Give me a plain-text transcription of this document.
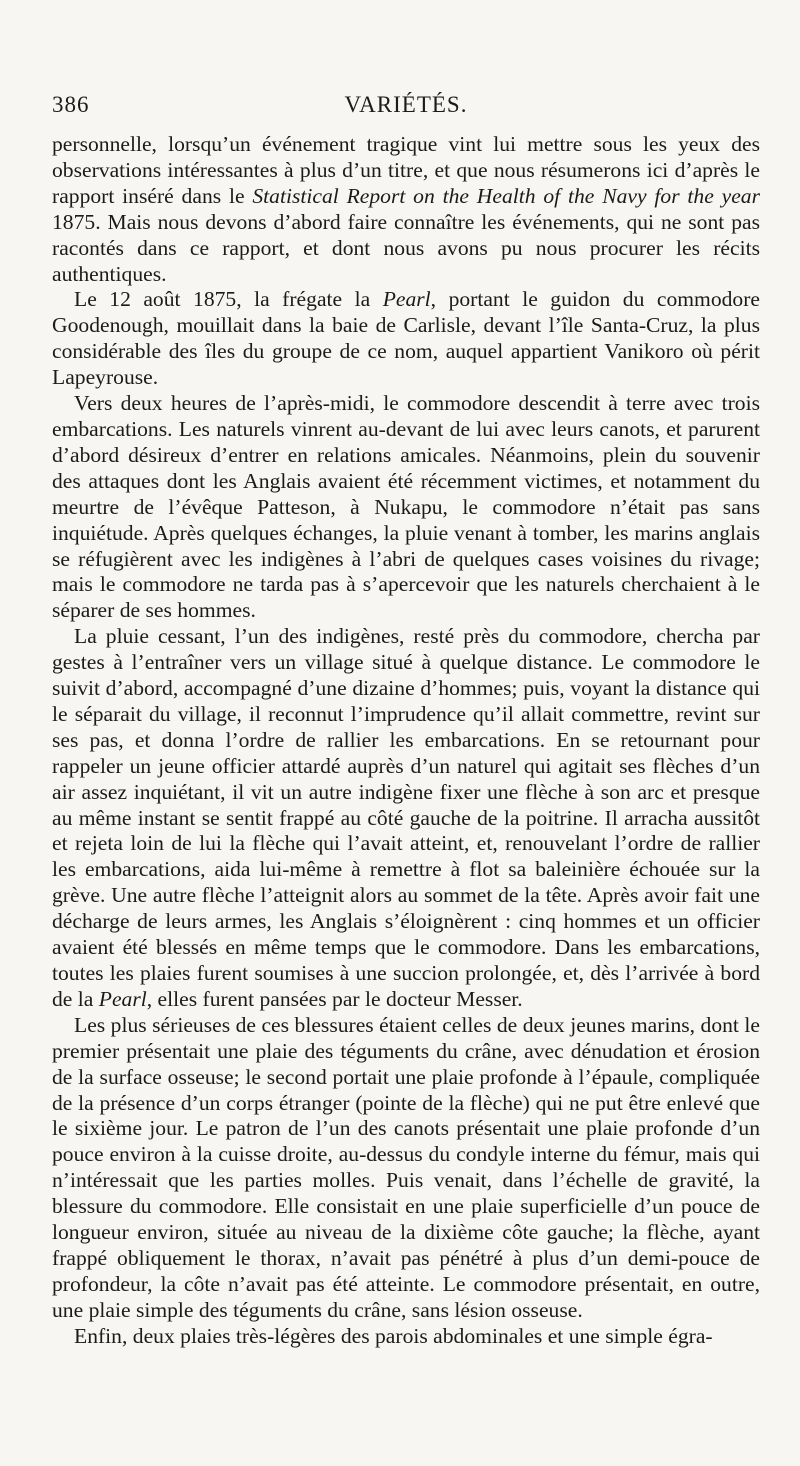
386	VARIÉTÉS.

personnelle, lorsqu’un événement tragique vint lui mettre sous les yeux des observations intéressantes à plus d’un titre, et que nous résumerons ici d’après le rapport inséré dans le Statistical Report on the Health of the Navy for the year 1875. Mais nous devons d’abord faire connaître les événements, qui ne sont pas racontés dans ce rapport, et dont nous avons pu nous procurer les récits authentiques.

Le 12 août 1875, la frégate la Pearl, portant le guidon du commodore Goodenough, mouillait dans la baie de Carlisle, devant l’île Santa-Cruz, la plus considérable des îles du groupe de ce nom, auquel appartient Vanikoro où périt Lapeyrouse.

Vers deux heures de l’après-midi, le commodore descendit à terre avec trois embarcations. Les naturels vinrent au-devant de lui avec leurs canots, et parurent d’abord désireux d’entrer en relations amicales. Néanmoins, plein du souvenir des attaques dont les Anglais avaient été récemment victimes, et notamment du meurtre de l’évêque Patteson, à Nukapu, le commodore n’était pas sans inquiétude. Après quelques échanges, la pluie venant à tomber, les marins anglais se réfugièrent avec les indigènes à l’abri de quelques cases voisines du rivage; mais le commodore ne tarda pas à s’apercevoir que les naturels cherchaient à le séparer de ses hommes.

La pluie cessant, l’un des indigènes, resté près du commodore, chercha par gestes à l’entraîner vers un village situé à quelque distance. Le commodore le suivit d’abord, accompagné d’une dizaine d’hommes; puis, voyant la distance qui le séparait du village, il reconnut l’imprudence qu’il allait commettre, revint sur ses pas, et donna l’ordre de rallier les embarcations. En se retournant pour rappeler un jeune officier attardé auprès d’un naturel qui agitait ses flèches d’un air assez inquiétant, il vit un autre indigène fixer une flèche à son arc et presque au même instant se sentit frappé au côté gauche de la poitrine. Il arracha aussitôt et rejeta loin de lui la flèche qui l’avait atteint, et, renouvelant l’ordre de rallier les embarcations, aida lui-même à remettre à flot sa baleinière échouée sur la grève. Une autre flèche l’atteignit alors au sommet de la tête. Après avoir fait une décharge de leurs armes, les Anglais s’éloignèrent : cinq hommes et un officier avaient été blessés en même temps que le commodore. Dans les embarcations, toutes les plaies furent soumises à une succion prolongée, et, dès l’arrivée à bord de la Pearl, elles furent pansées par le docteur Messer.

Les plus sérieuses de ces blessures étaient celles de deux jeunes marins, dont le premier présentait une plaie des téguments du crâne, avec dénudation et érosion de la surface osseuse; le second portait une plaie profonde à l’épaule, compliquée de la présence d’un corps étranger (pointe de la flèche) qui ne put être enlevé que le sixième jour. Le patron de l’un des canots présentait une plaie profonde d’un pouce environ à la cuisse droite, au-dessus du condyle interne du fémur, mais qui n’intéressait que les parties molles. Puis venait, dans l’échelle de gravité, la blessure du commodore. Elle consistait en une plaie superficielle d’un pouce de longueur environ, située au niveau de la dixième côte gauche; la flèche, ayant frappé obliquement le thorax, n’avait pas pénétré à plus d’un demi-pouce de profondeur, la côte n’avait pas été atteinte. Le commodore présentait, en outre, une plaie simple des téguments du crâne, sans lésion osseuse.

Enfin, deux plaies très-légères des parois abdominales et une simple égra-
